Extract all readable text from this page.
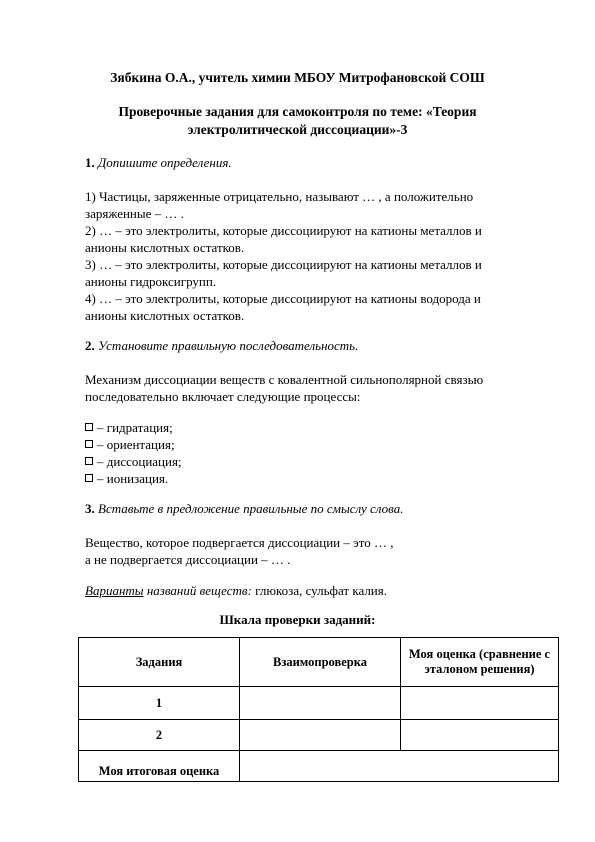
Зябкина О.А., учитель химии МБОУ Митрофановской СОШ
Проверочные задания для самоконтроля по теме: «Теория
электролитической диссоциации»-3
1. Допишите определения.
1) Частицы, заряженные отрицательно, называют … , а положительно
заряженные – … .
2) … – это электролиты, которые диссоциируют на катионы металлов и
анионы кислотных остатков.
3) … – это электролиты, которые диссоциируют на катионы металлов и
анионы гидроксигрупп.
4) … – это электролиты, которые диссоциируют на катионы водорода и
анионы кислотных остатков.
2. Установите правильную последовательность.
Механизм диссоциации веществ с ковалентной сильнополярной связью
последовательно включает следующие процессы:
– гидратация;
– ориентация;
– диссоциация;
– ионизация.
3. Вставьте в предложение правильные по смыслу слова.
Вещество, которое подвергается диссоциации – это … ,
а не подвергается диссоциации – … .
Варианты названий веществ: глюкоза, сульфат калия.
Шкала проверки заданий:
Задания	Взаимопроверка	Моя оценка (сравнение с эталоном решения)
1		
2		
Моя итоговая оценка		
